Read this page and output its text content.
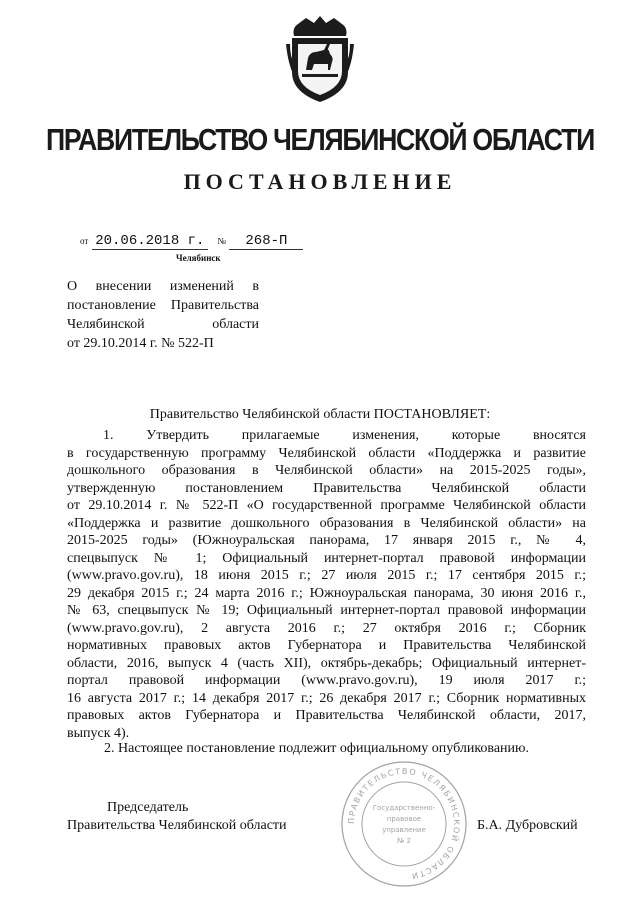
ПРАВИТЕЛЬСТВО ЧЕЛЯБИНСКОЙ ОБЛАСТИ
ПОСТАНОВЛЕНИЕ
от 20.06.2018 г. № 268-П
Челябинск
О внесении изменений в
постановление Правительства
Челябинской области
от 29.10.2014 г. № 522-П
Правительство Челябинской области ПОСТАНОВЛЯЕТ:
1. Утвердить прилагаемые изменения, которые вносятся
в государственную программу Челябинской области «Поддержка и развитие
дошкольного образования в Челябинской области» на 2015-2025 годы»,
утвержденную постановлением Правительства Челябинской области
от 29.10.2014 г. № 522-П «О государственной программе Челябинской области
«Поддержка и развитие дошкольного образования в Челябинской области» на
2015-2025 годы» (Южноуральская панорама, 17 января 2015 г., № 4,
спецвыпуск № 1; Официальный интернет-портал правовой информации
(www.pravo.gov.ru), 18 июня 2015 г.; 27 июля 2015 г.; 17 сентября 2015 г.;
29 декабря 2015 г.; 24 марта 2016 г.; Южноуральская панорама, 30 июня 2016 г.,
№ 63, спецвыпуск № 19; Официальный интернет-портал правовой информации
(www.pravo.gov.ru), 2 августа 2016 г.; 27 октября 2016 г.; Сборник
нормативных правовых актов Губернатора и Правительства Челябинской
области, 2016, выпуск 4 (часть XII), октябрь-декабрь; Официальный интернет-
портал правовой информации (www.pravo.gov.ru), 19 июля 2017 г.;
16 августа 2017 г.; 14 декабря 2017 г.; 26 декабря 2017 г.; Сборник нормативных
правовых актов Губернатора и Правительства Челябинской области, 2017,
выпуск 4).
2. Настоящее постановление подлежит официальному опубликованию.
Председатель
Правительства Челябинской области	Б.А. Дубровский
ПРАВИТЕЛЬСТВО ЧЕЛЯБИНСКОЙ ОБЛАСТИ
Государственно-
правовое
управление
№ 2
